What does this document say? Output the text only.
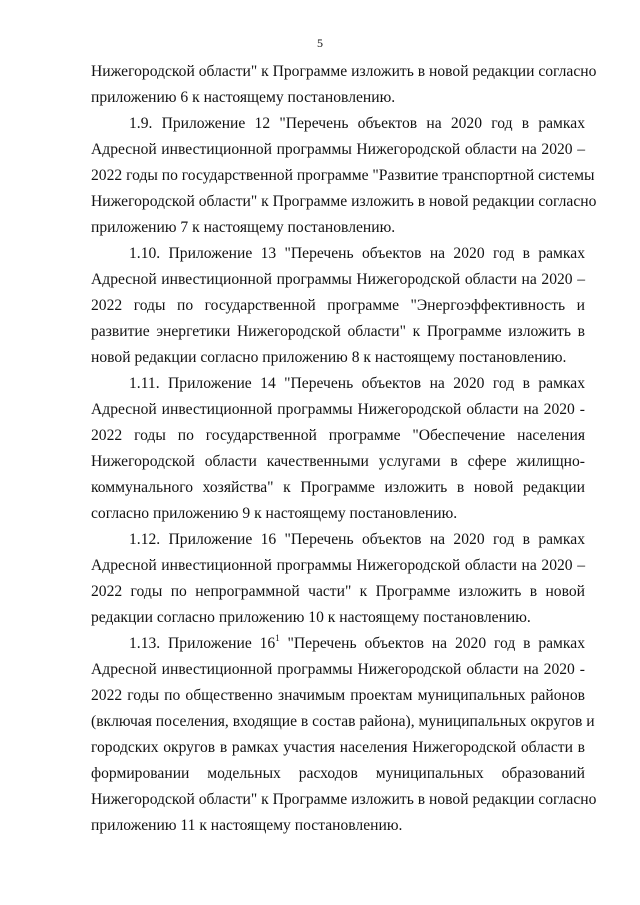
5
Нижегородской области" к Программе изложить в новой редакции согласно
приложению 6 к настоящему постановлению.
1.9. Приложение 12 "Перечень объектов на 2020 год в рамках
Адресной инвестиционной программы Нижегородской области на 2020 –
2022 годы по государственной программе "Развитие транспортной системы
Нижегородской области" к Программе изложить в новой редакции согласно
приложению 7 к настоящему постановлению.
1.10. Приложение 13 "Перечень объектов на 2020 год в рамках
Адресной инвестиционной программы Нижегородской области на 2020 –
2022 годы по государственной программе "Энергоэффективность и
развитие энергетики Нижегородской области" к Программе изложить в
новой редакции согласно приложению 8 к настоящему постановлению.
1.11. Приложение 14 "Перечень объектов на 2020 год в рамках
Адресной инвестиционной программы Нижегородской области на 2020 -
2022 годы по государственной программе "Обеспечение населения
Нижегородской области качественными услугами в сфере жилищно-
коммунального хозяйства" к Программе изложить в новой редакции
согласно приложению 9 к настоящему постановлению.
1.12. Приложение 16 "Перечень объектов на 2020 год в рамках
Адресной инвестиционной программы Нижегородской области на 2020 –
2022 годы по непрограммной части" к Программе изложить в новой
редакции согласно приложению 10 к настоящему постановлению.
1.13. Приложение $16^1$ "Перечень объектов на 2020 год в рамках
Адресной инвестиционной программы Нижегородской области на 2020 -
2022 годы по общественно значимым проектам муниципальных районов
(включая поселения, входящие в состав района), муниципальных округов и
городских округов в рамках участия населения Нижегородской области в
формировании модельных расходов муниципальных образований
Нижегородской области" к Программе изложить в новой редакции согласно
приложению 11 к настоящему постановлению.
